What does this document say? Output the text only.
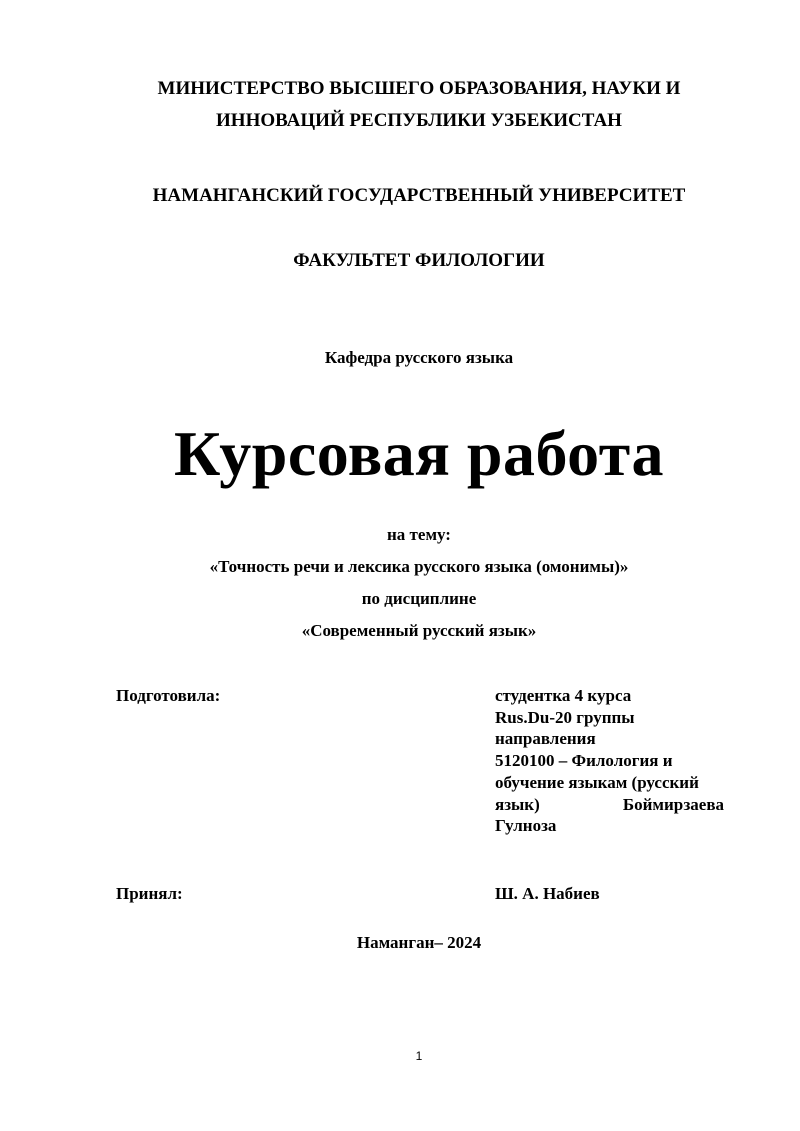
МИНИСТЕРСТВО ВЫСШЕГО ОБРАЗОВАНИЯ, НАУКИ И
ИННОВАЦИЙ РЕСПУБЛИКИ УЗБЕКИСТАН
НАМАНГАНСКИЙ ГОСУДАРСТВЕННЫЙ УНИВЕРСИТЕТ
ФАКУЛЬТЕТ ФИЛОЛОГИИ
Кафедра русского языка
Курсовая работа
на тему:
«Точность речи и лексика русского языка (омонимы)»
по дисциплине
«Современный русский язык»
Подготовила:	студентка 4 курса
Rus.Du-20 группы
направления
5120100 – Филология и
обучение языкам (русский
язык) Боймирзаева
Гулноза
Принял:	Ш. А. Набиев
Наманган– 2024
1
